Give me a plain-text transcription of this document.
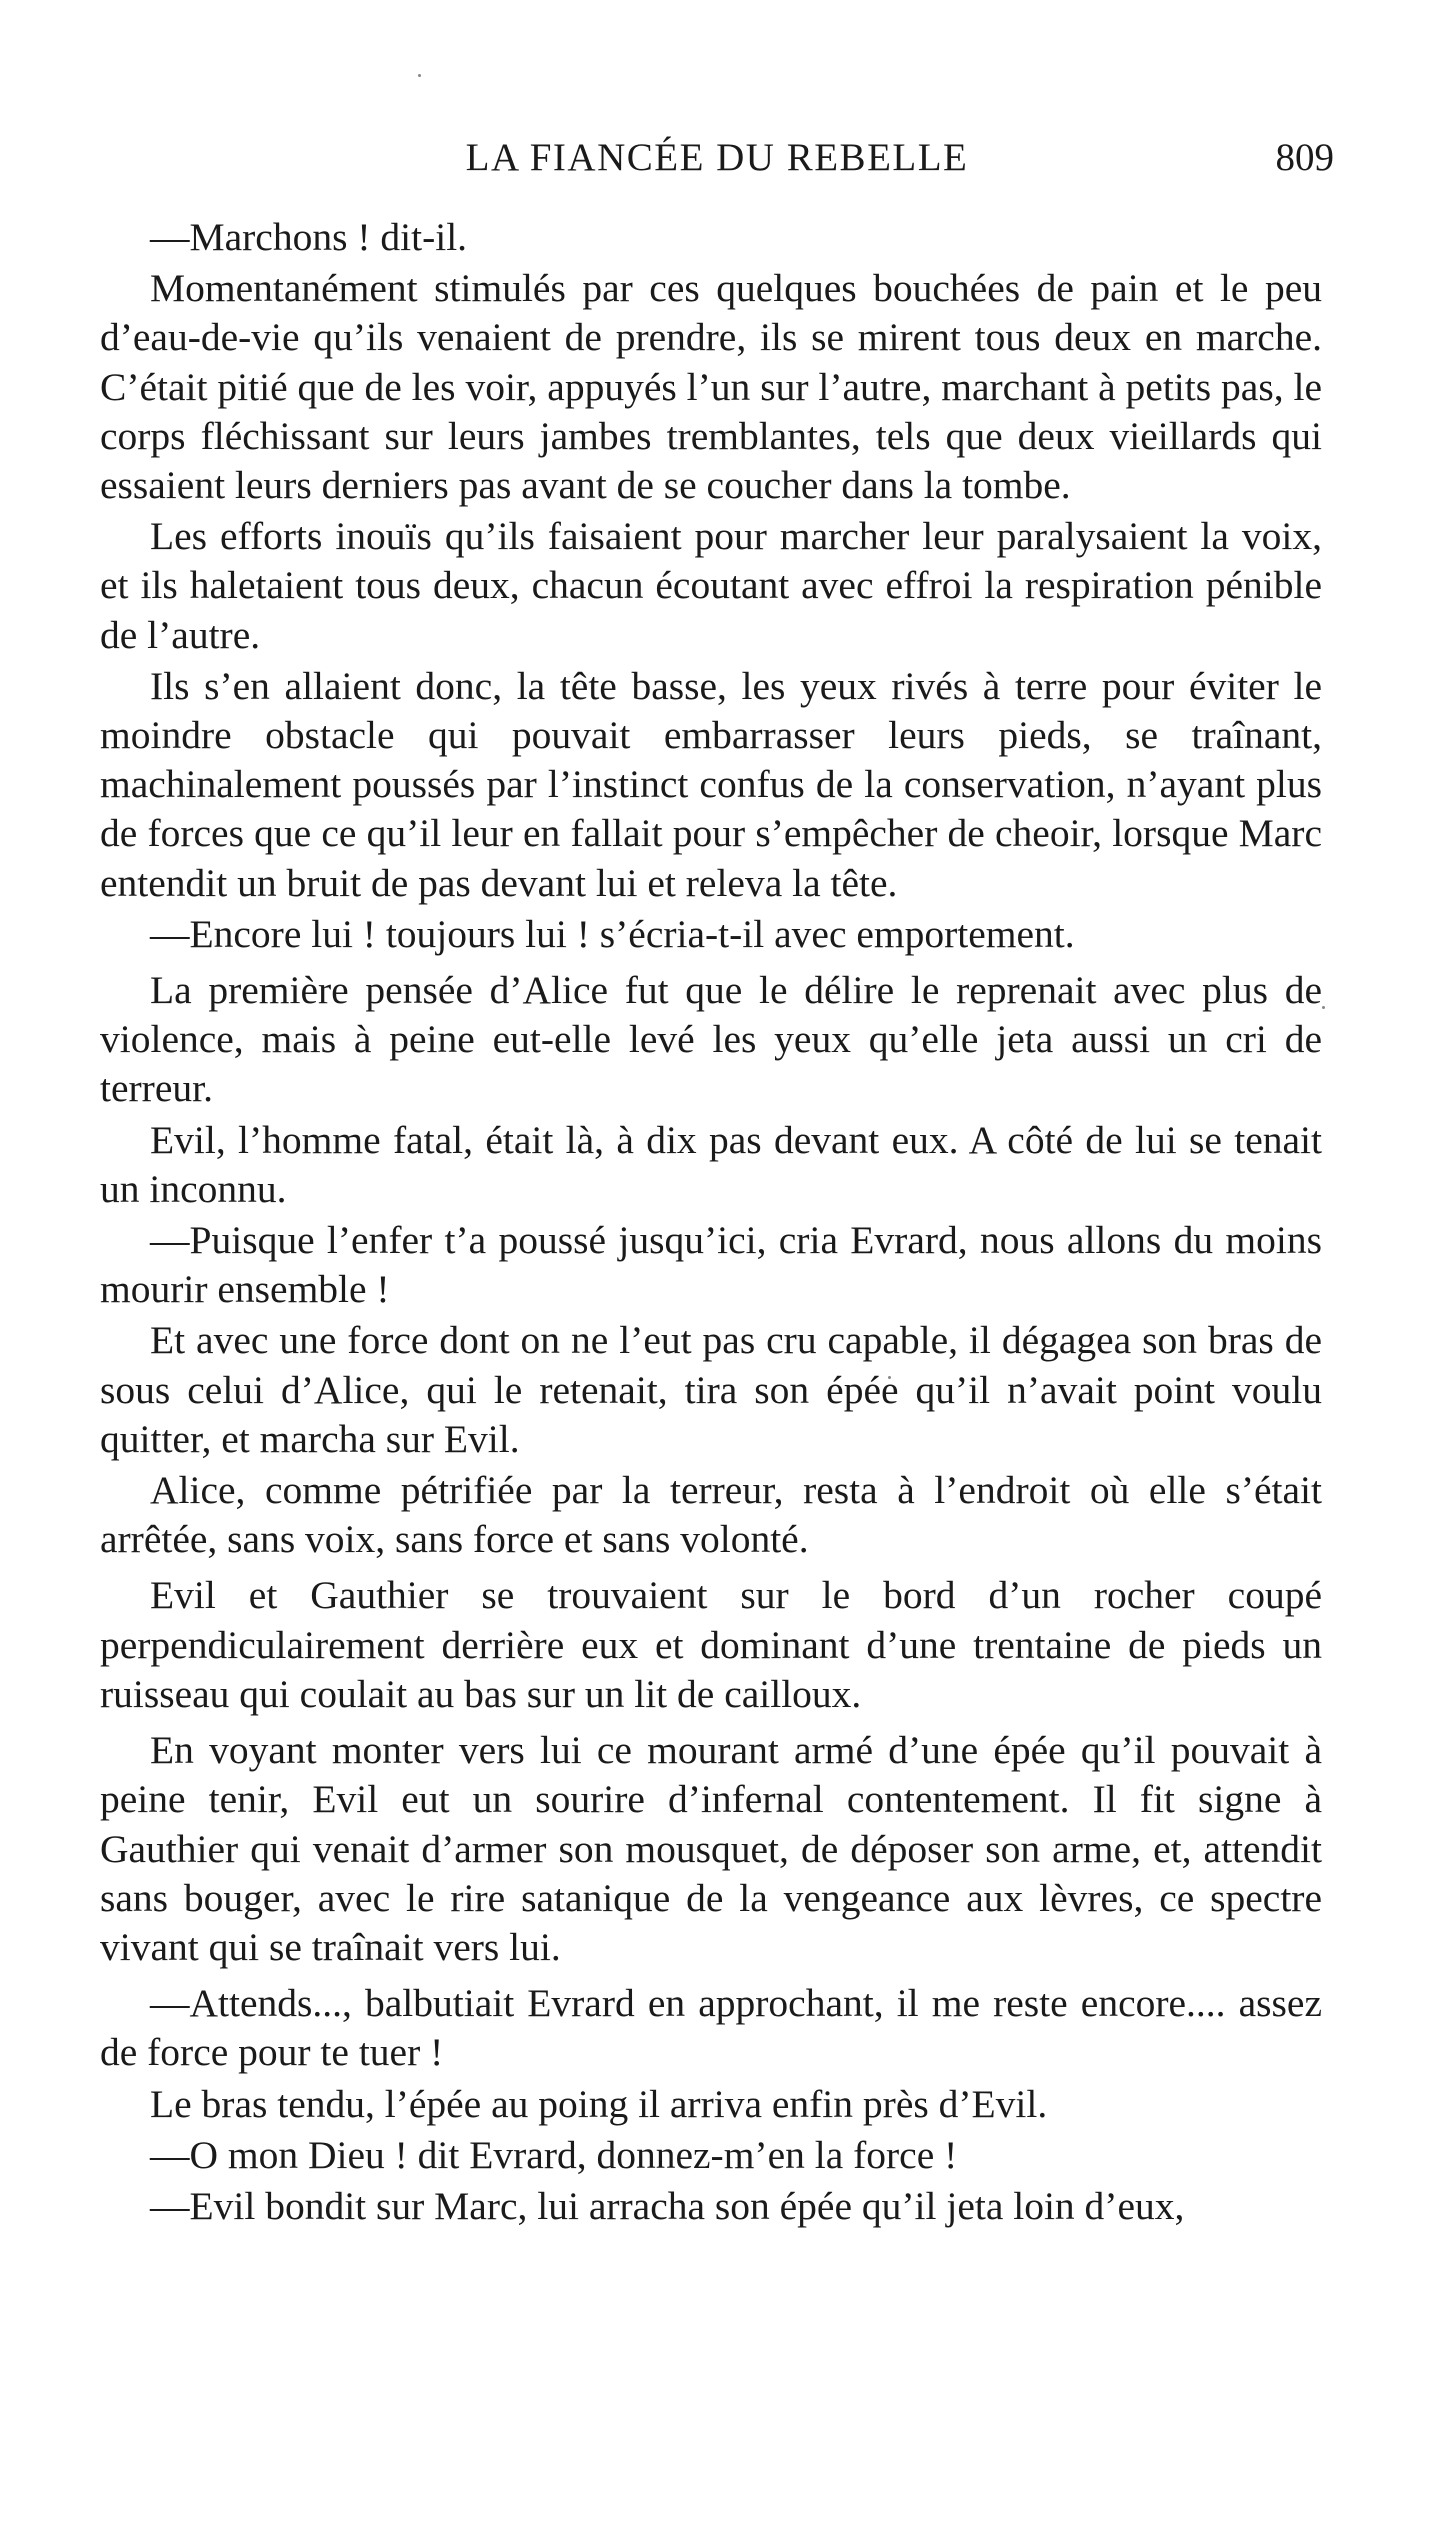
LA FIANCÉE DU REBELLE	809

—Marchons ! dit-il.

Momentanément stimulés par ces quelques bouchées de pain et le peu d’eau-de-vie qu’ils venaient de prendre, ils se mirent tous deux en marche. C’était pitié que de les voir, appuyés l’un sur l’autre, marchant à petits pas, le corps fléchissant sur leurs jambes tremblantes, tels que deux vieillards qui essaient leurs derniers pas avant de se coucher dans la tombe.

Les efforts inouïs qu’ils faisaient pour marcher leur paralysaient la voix, et ils haletaient tous deux, chacun écoutant avec effroi la respiration pénible de l’autre.

Ils s’en allaient donc, la tête basse, les yeux rivés à terre pour éviter le moindre obstacle qui pouvait embarrasser leurs pieds, se traînant, machinalement poussés par l’instinct confus de la conservation, n’ayant plus de forces que ce qu’il leur en fallait pour s’empêcher de cheoir, lorsque Marc entendit un bruit de pas devant lui et releva la tête.

—Encore lui ! toujours lui ! s’écria-t-il avec emportement.

La première pensée d’Alice fut que le délire le reprenait avec plus de violence, mais à peine eut-elle levé les yeux qu’elle jeta aussi un cri de terreur.

Evil, l’homme fatal, était là, à dix pas devant eux. A côté de lui se tenait un inconnu.

—Puisque l’enfer t’a poussé jusqu’ici, cria Evrard, nous allons du moins mourir ensemble !

Et avec une force dont on ne l’eut pas cru capable, il dégagea son bras de sous celui d’Alice, qui le retenait, tira son épée qu’il n’avait point voulu quitter, et marcha sur Evil.

Alice, comme pétrifiée par la terreur, resta à l’endroit où elle s’était arrêtée, sans voix, sans force et sans volonté.

Evil et Gauthier se trouvaient sur le bord d’un rocher coupé perpendiculairement derrière eux et dominant d’une trentaine de pieds un ruisseau qui coulait au bas sur un lit de cailloux.

En voyant monter vers lui ce mourant armé d’une épée qu’il pouvait à peine tenir, Evil eut un sourire d’infernal contentement. Il fit signe à Gauthier qui venait d’armer son mousquet, de déposer son arme, et, attendit sans bouger, avec le rire satanique de la vengeance aux lèvres, ce spectre vivant qui se traînait vers lui.

—Attends..., balbutiait Evrard en approchant, il me reste encore.... assez de force pour te tuer !

Le bras tendu, l’épée au poing il arriva enfin près d’Evil.

—O mon Dieu ! dit Evrard, donnez-m’en la force !

—Evil bondit sur Marc, lui arracha son épée qu’il jeta loin d’eux,
